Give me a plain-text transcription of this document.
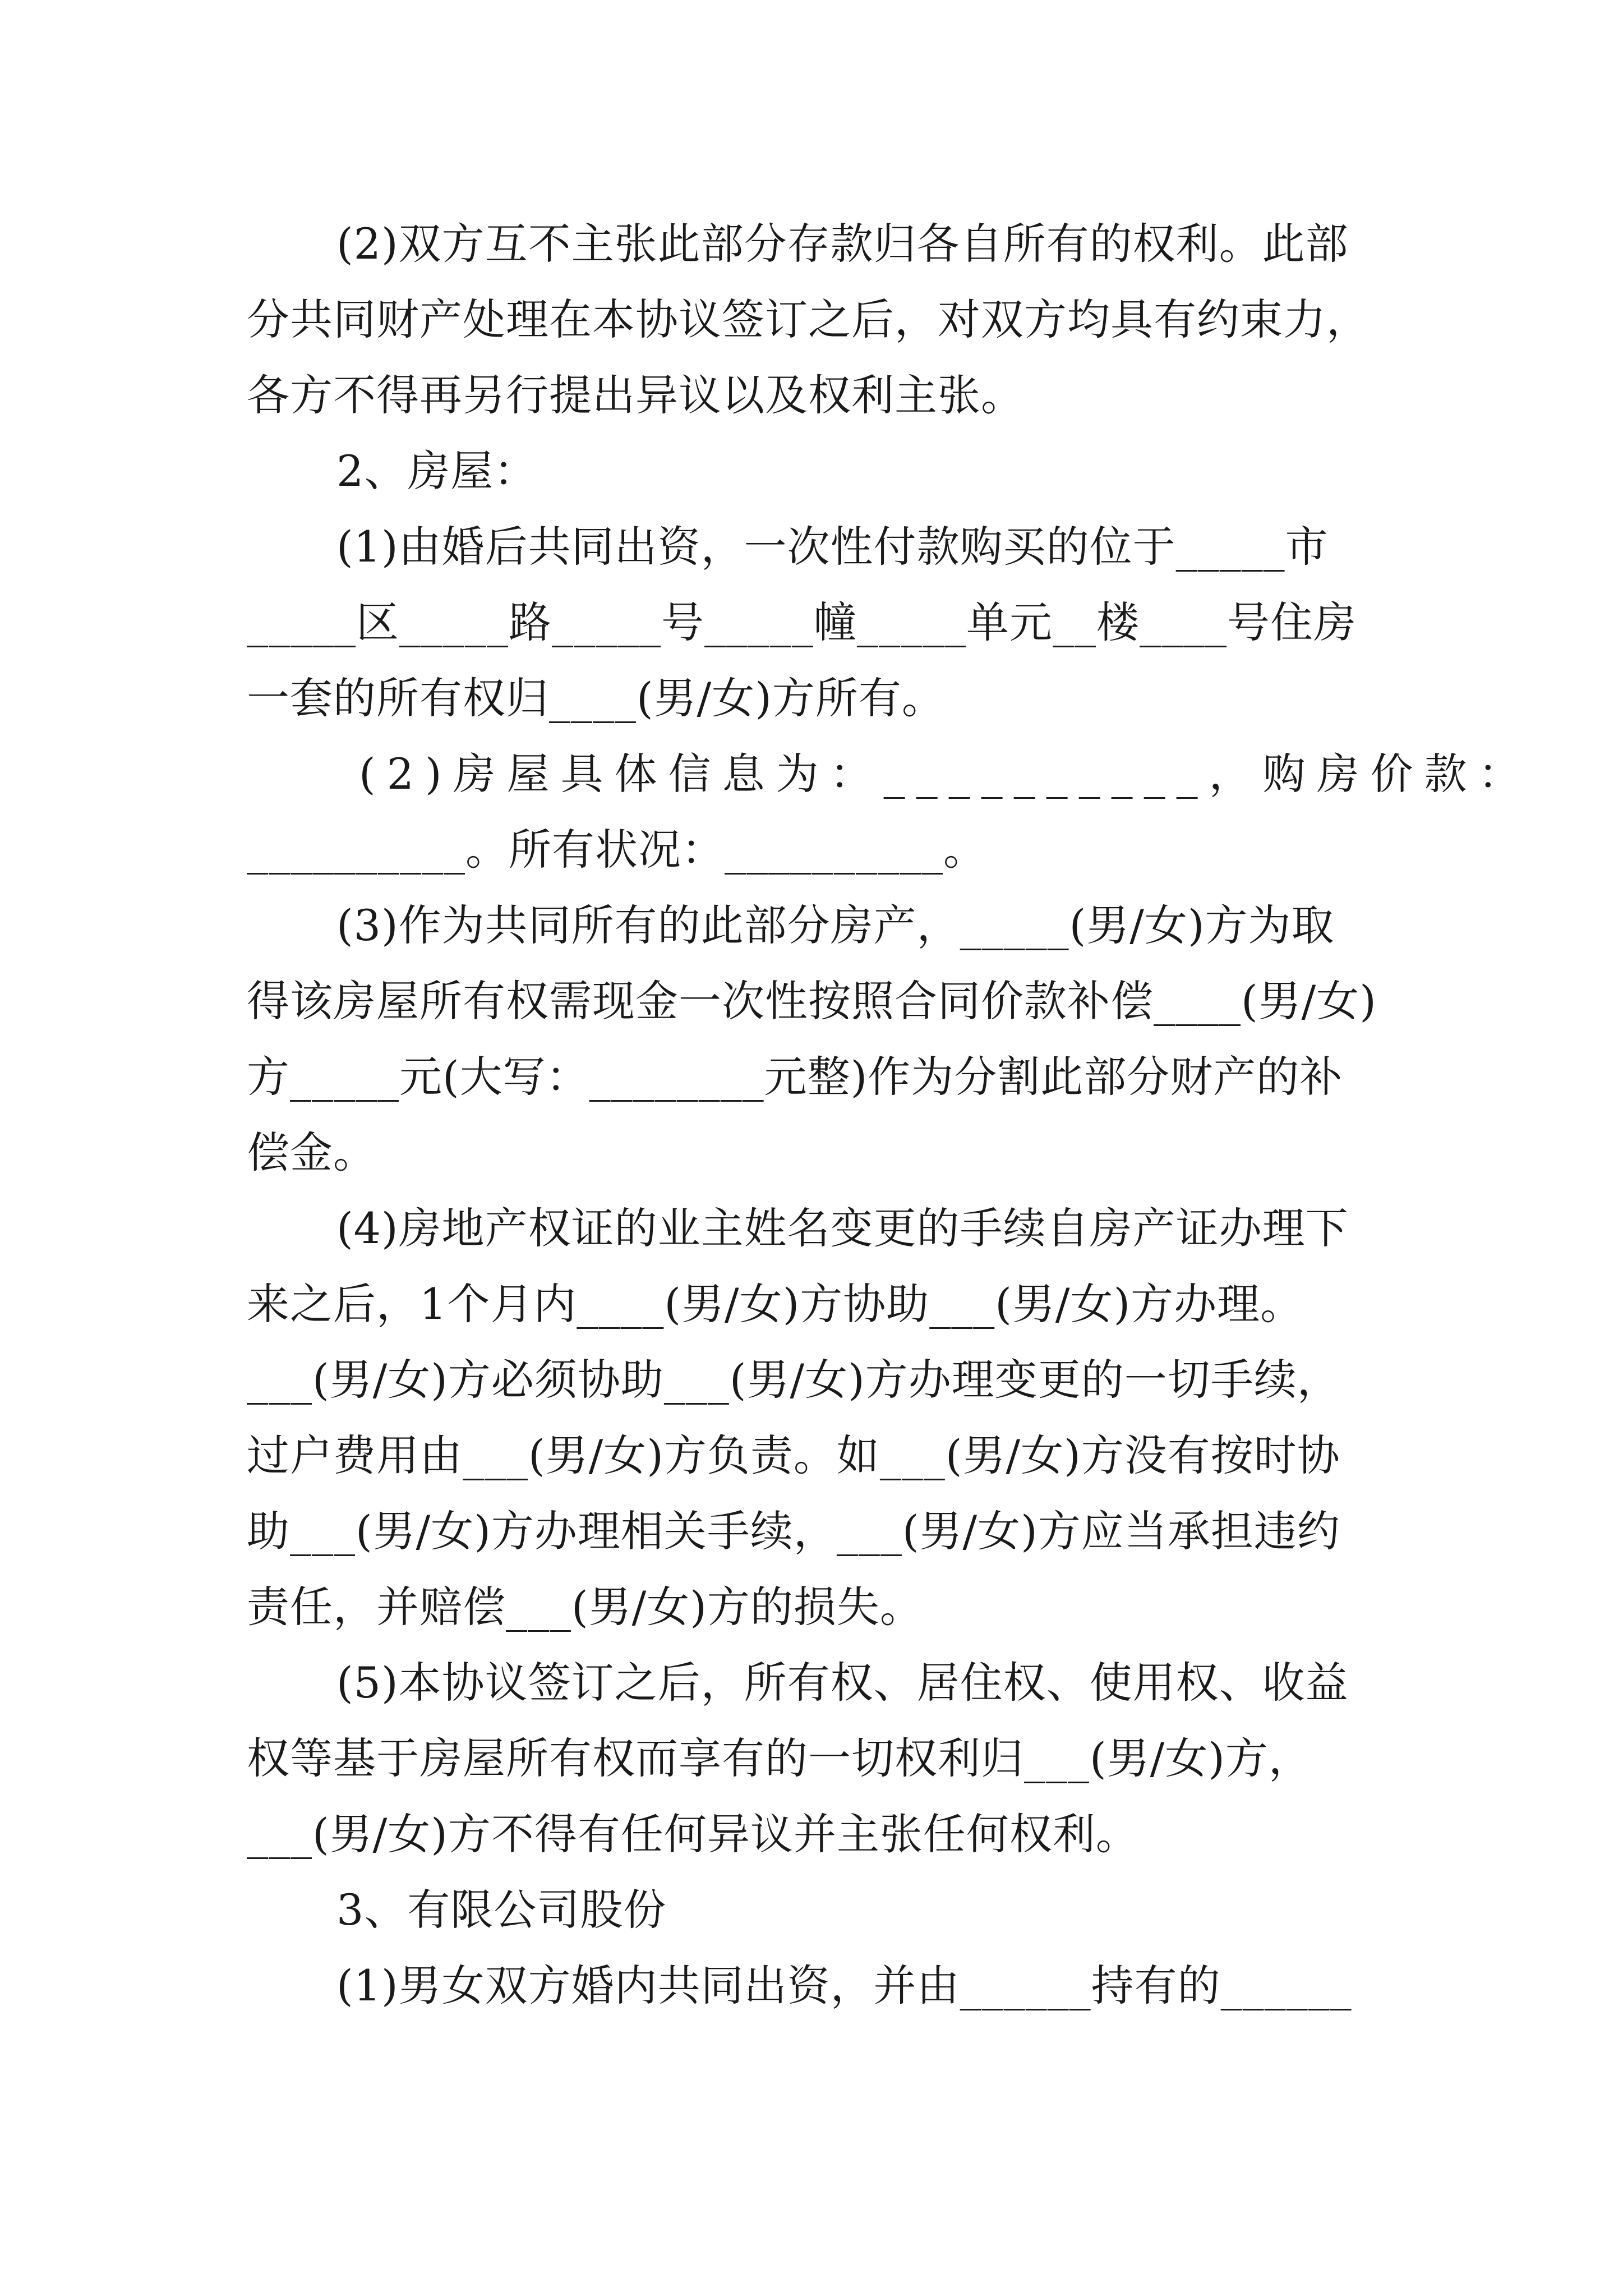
(2)双方互不主张此部分存款归各自所有的权利。此部
分共同财产处理在本协议签订之后，对双方均具有约束力，
各方不得再另行提出异议以及权利主张。
2、房屋：
(1)由婚后共同出资，一次性付款购买的位于_____市
_____区_____路_____号_____幢_____单元__楼____号住房
一套的所有权归____(男/女)方所有。
(2)房屋具体信息为：__________，购房价款：
__________。所有状况：__________。
(3)作为共同所有的此部分房产，_____(男/女)方为取
得该房屋所有权需现金一次性按照合同价款补偿____(男/女)
方_____元(大写：________元整)作为分割此部分财产的补
偿金。
(4)房地产权证的业主姓名变更的手续自房产证办理下
来之后，1个月内____(男/女)方协助___(男/女)方办理。
___(男/女)方必须协助___(男/女)方办理变更的一切手续，
过户费用由___(男/女)方负责。如___(男/女)方没有按时协
助___(男/女)方办理相关手续，___(男/女)方应当承担违约
责任，并赔偿___(男/女)方的损失。
(5)本协议签订之后，所有权、居住权、使用权、收益
权等基于房屋所有权而享有的一切权利归___(男/女)方，
___(男/女)方不得有任何异议并主张任何权利。
3、有限公司股份
(1)男女双方婚内共同出资，并由______持有的______
